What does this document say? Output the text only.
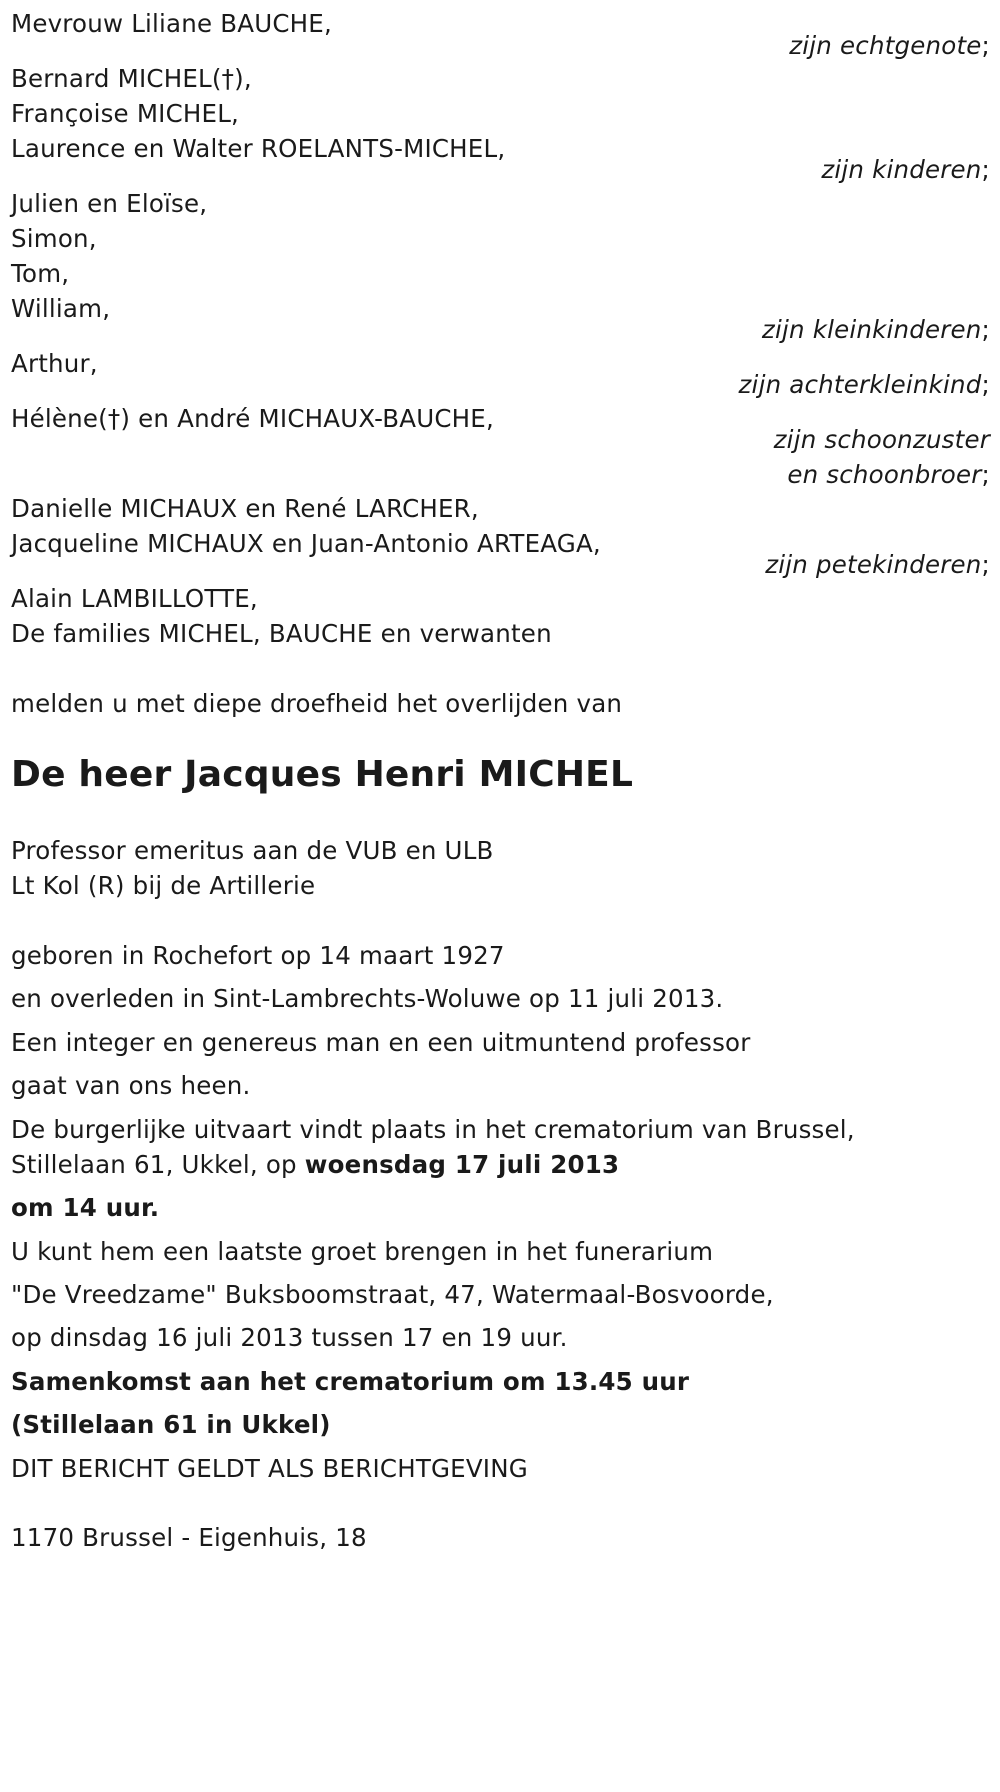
Mevrouw Liliane BAUCHE,
zijn echtgenote;
Bernard MICHEL(†),
Françoise MICHEL,
Laurence en Walter ROELANTS-MICHEL,
zijn kinderen;
Julien en Eloïse,
Simon,
Tom,
William,
zijn kleinkinderen;
Arthur,
zijn achterkleinkind;
Hélène(†) en André MICHAUX-BAUCHE,
zijn schoonzuster
en schoonbroer;
Danielle MICHAUX en René LARCHER,
Jacqueline MICHAUX en Juan-Antonio ARTEAGA,
zijn petekinderen;
Alain LAMBILLOTTE,
De families MICHEL, BAUCHE en verwanten
melden u met diepe droefheid het overlijden van
De heer Jacques Henri MICHEL
Professor emeritus aan de VUB en ULB
Lt Kol (R) bij de Artillerie
geboren in Rochefort op 14 maart 1927
en overleden in Sint-Lambrechts-Woluwe op 11 juli 2013.
Een integer en genereus man en een uitmuntend professor
gaat van ons heen.
De burgerlijke uitvaart vindt plaats in het crematorium van Brussel,
Stillelaan 61, Ukkel, op woensdag 17 juli 2013
om 14 uur.
U kunt hem een laatste groet brengen in het funerarium
"De Vreedzame" Buksboomstraat, 47, Watermaal-Bosvoorde,
op dinsdag 16 juli 2013 tussen 17 en 19 uur.
Samenkomst aan het crematorium om 13.45 uur
(Stillelaan 61 in Ukkel)
DIT BERICHT GELDT ALS BERICHTGEVING
1170 Brussel - Eigenhuis, 18
